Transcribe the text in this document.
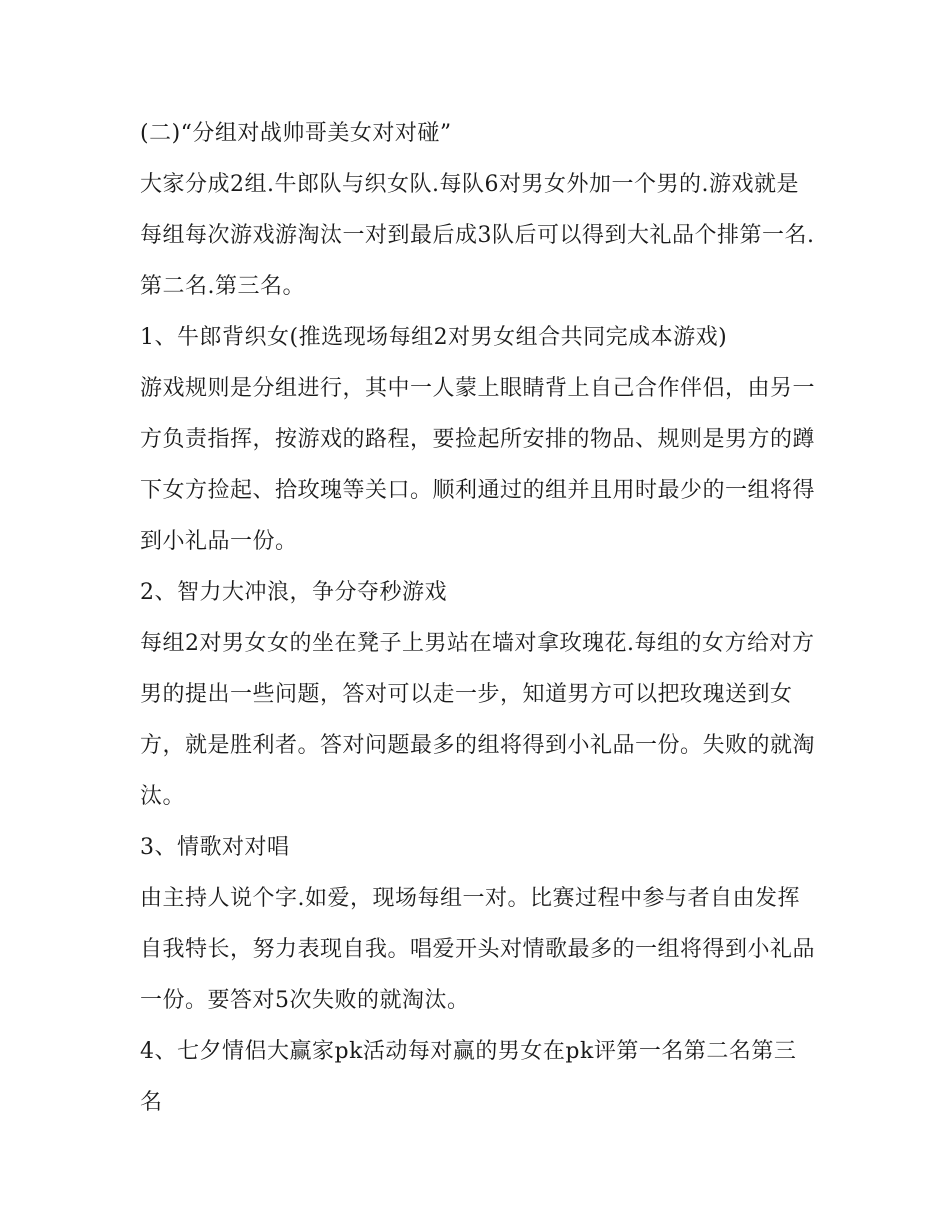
(二)“分组对战帅哥美女对对碰”

大家分成2组.牛郎队与织女队.每队6对男女外加一个男的.游戏就是每组每次游戏游淘汰一对到最后成3队后可以得到大礼品个排第一名.第二名.第三名。

1、牛郎背织女(推选现场每组2对男女组合共同完成本游戏)

游戏规则是分组进行，其中一人蒙上眼睛背上自己合作伴侣，由另一方负责指挥，按游戏的路程，要捡起所安排的物品、规则是男方的蹲下女方捡起、拾玫瑰等关口。顺利通过的组并且用时最少的一组将得到小礼品一份。

2、智力大冲浪，争分夺秒游戏

每组2对男女女的坐在凳子上男站在墙对拿玫瑰花.每组的女方给对方男的提出一些问题，答对可以走一步，知道男方可以把玫瑰送到女方，就是胜利者。答对问题最多的组将得到小礼品一份。失败的就淘汰。

3、情歌对对唱

由主持人说个字.如爱，现场每组一对。比赛过程中参与者自由发挥自我特长，努力表现自我。唱爱开头对情歌最多的一组将得到小礼品一份。要答对5次失败的就淘汰。

4、七夕情侣大赢家pk活动每对赢的男女在pk评第一名第二名第三名
